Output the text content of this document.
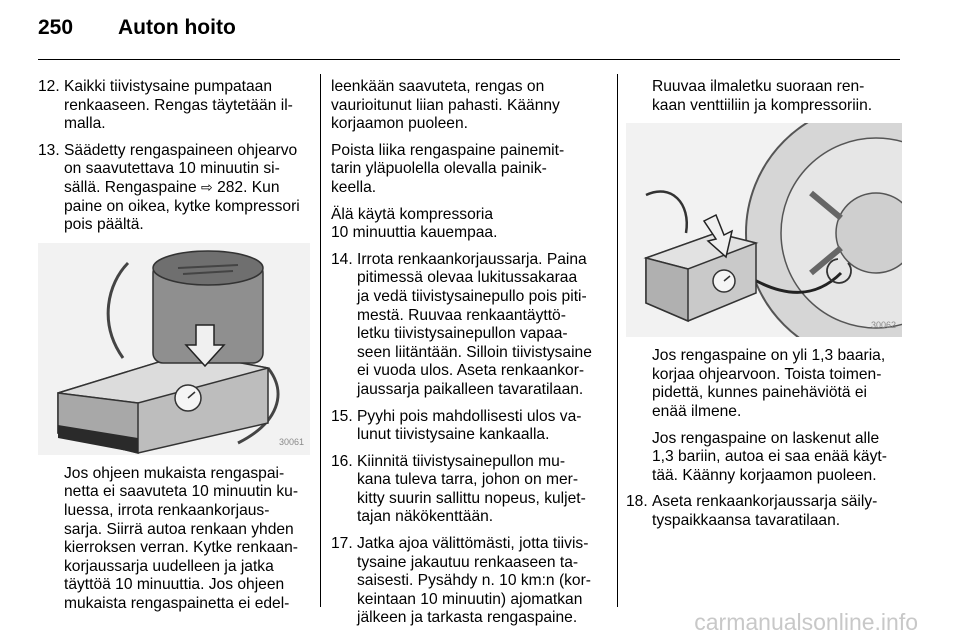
250 Auton hoito
12. Kaikki tiivistysaine pumpataan
renkaaseen. Rengas täytetään il-
malla.
13. Säädetty rengaspaineen ohjearvo
on saavutettava 10 minuutin si-
sällä. Rengaspaine ⇨ 282. Kun
paine on oikea, kytke kompressori
pois päältä.
30061
Jos ohjeen mukaista rengaspai-
netta ei saavuteta 10 minuutin ku-
luessa, irrota renkaankorjaus-
sarja. Siirrä autoa renkaan yhden
kierroksen verran. Kytke renkaan-
korjaussarja uudelleen ja jatka
täyttöä 10 minuuttia. Jos ohjeen
mukaista rengaspainetta ei edel-
leenkään saavuteta, rengas on
vaurioitunut liian pahasti. Käänny
korjaamon puoleen.
Poista liika rengaspaine painemit-
tarin yläpuolella olevalla painik-
keella.
Älä käytä kompressoria
10 minuuttia kauempaa.
14. Irrota renkaankorjaussarja. Paina
pitimessä olevaa lukitussakaraa
ja vedä tiivistysainepullo pois piti-
mestä. Ruuvaa renkaantäyttö-
letku tiivistysainepullon vapaa-
seen liitäntään. Silloin tiivistysaine
ei vuoda ulos. Aseta renkaankor-
jaussarja paikalleen tavaratilaan.
15. Pyyhi pois mahdollisesti ulos va-
lunut tiivistysaine kankaalla.
16. Kiinnitä tiivistysainepullon mu-
kana tuleva tarra, johon on mer-
kitty suurin sallittu nopeus, kuljet-
tajan näkökenttään.
17. Jatka ajoa välittömästi, jotta tiivis-
tysaine jakautuu renkaaseen ta-
saisesti. Pysähdy n. 10 km:n (kor-
keintaan 10 minuutin) ajomatkan
jälkeen ja tarkasta rengaspaine.
Ruuvaa ilmaletku suoraan ren-
kaan venttiiliin ja kompressoriin.
30062
Jos rengaspaine on yli 1,3 baaria,
korjaa ohjearvoon. Toista toimen-
pidettä, kunnes painehäviötä ei
enää ilmene.
Jos rengaspaine on laskenut alle
1,3 bariin, autoa ei saa enää käyt-
tää. Käänny korjaamon puoleen.
18. Aseta renkaankorjaussarja säily-
tyspaikkaansa tavaratilaan.
carmanualsonline.info
